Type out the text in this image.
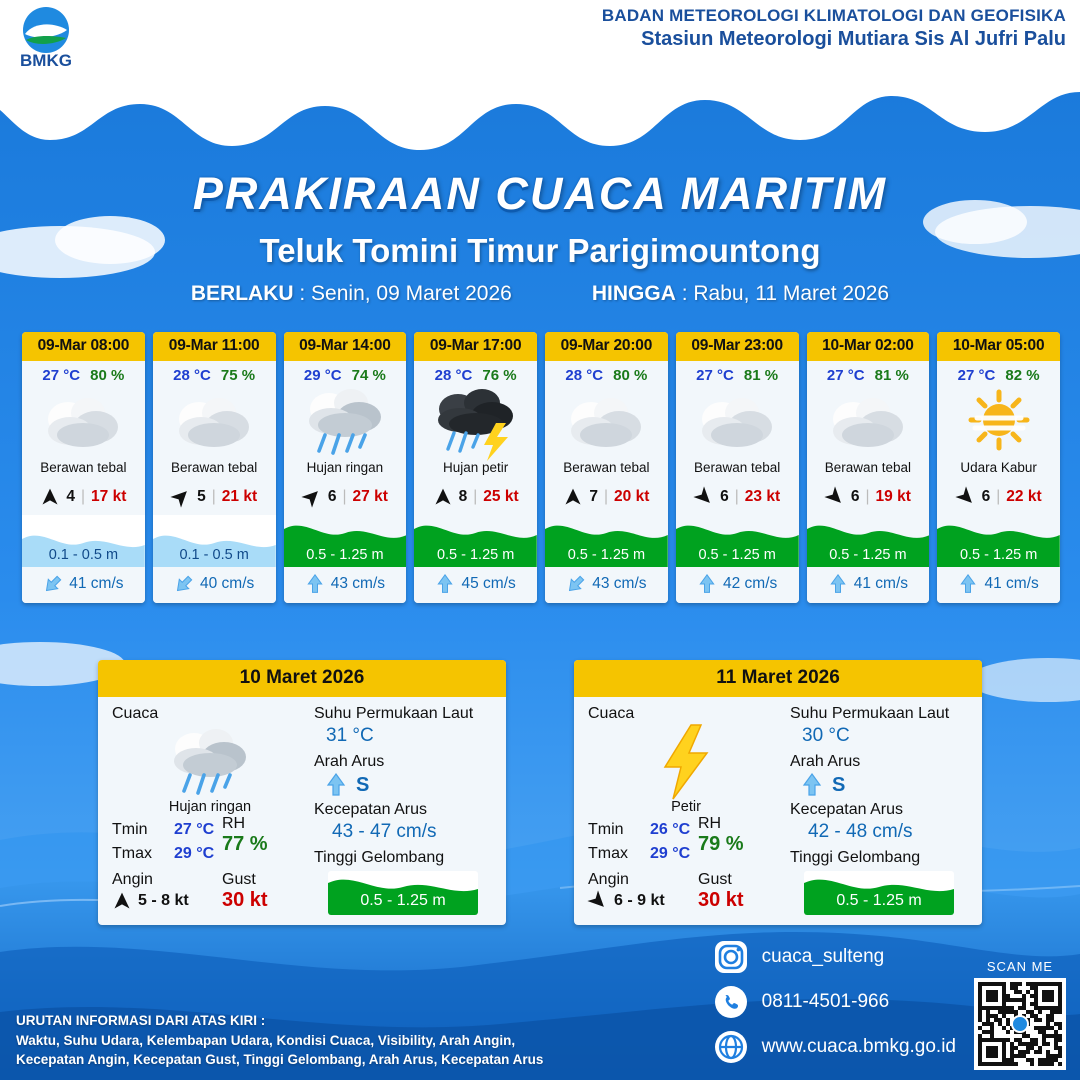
BMKG
BADAN METEOROLOGI KLIMATOLOGI DAN GEOFISIKA
Stasiun Meteorologi Mutiara Sis Al Jufri Palu
PRAKIRAAN CUACA MARITIM
Teluk Tomini Timur Parigimountong
BERLAKU : Senin, 09 Maret 2026	HINGGA : Rabu, 11 Maret 2026
09-Mar 08:00
27 °C 80 %
Berawan tebal
4 | 17 kt
0.1 - 0.5 m
41 cm/s
09-Mar 11:00
28 °C 75 %
Berawan tebal
5 | 21 kt
0.1 - 0.5 m
40 cm/s
09-Mar 14:00
29 °C 74 %
Hujan ringan
6 | 27 kt
0.5 - 1.25 m
43 cm/s
09-Mar 17:00
28 °C 76 %
Hujan petir
8 | 25 kt
0.5 - 1.25 m
45 cm/s
09-Mar 20:00
28 °C 80 %
Berawan tebal
7 | 20 kt
0.5 - 1.25 m
43 cm/s
09-Mar 23:00
27 °C 81 %
Berawan tebal
6 | 23 kt
0.5 - 1.25 m
42 cm/s
10-Mar 02:00
27 °C 81 %
Berawan tebal
6 | 19 kt
0.5 - 1.25 m
41 cm/s
10-Mar 05:00
27 °C 82 %
Udara Kabur
6 | 22 kt
0.5 - 1.25 m
41 cm/s
10 Maret 2026
Cuaca
Hujan ringan
Tmin	27 °C
Tmax	29 °C
RH
77 %
Angin
5 - 8 kt
Gust
30 kt
Suhu Permukaan Laut
31 °C
Arah Arus
S
Kecepatan Arus
43 - 47 cm/s
Tinggi Gelombang
0.5 - 1.25 m
11 Maret 2026
Cuaca
Petir
Tmin	26 °C
Tmax	29 °C
RH
79 %
Angin
6 - 9 kt
Gust
30 kt
Suhu Permukaan Laut
30 °C
Arah Arus
S
Kecepatan Arus
42 - 48 cm/s
Tinggi Gelombang
0.5 - 1.25 m
URUTAN INFORMASI DARI ATAS KIRI :
Waktu, Suhu Udara, Kelembapan Udara, Kondisi Cuaca, Visibility, Arah Angin,
Kecepatan Angin, Kecepatan Gust, Tinggi Gelombang, Arah Arus, Kecepatan Arus
cuaca_sulteng
0811-4501-966
www.cuaca.bmkg.go.id
SCAN ME
